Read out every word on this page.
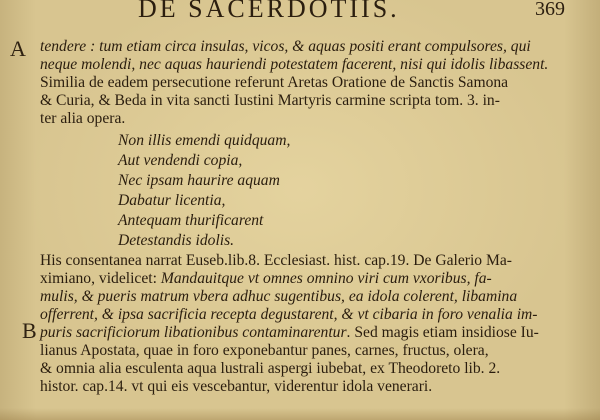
DE SACERDOTIIS.	369
A
B
tendere : tum etiam circa insulas, vicos, & aquas positi erant compulsores, qui
neque molendi, nec aquas hauriendi potestatem facerent, nisi qui idolis libassent.
Similia de eadem persecutione referunt Aretas Oratione de Sanctis Samona
& Curia, & Beda in vita sancti Iustini Martyris carmine scripta tom. 3. in-
ter alia opera.
Non illis emendi quidquam,
Aut vendendi copia,
Nec ipsam haurire aquam
Dabatur licentia,
Antequam thurificarent
Detestandis idolis.
His consentanea narrat Euseb.lib.8. Ecclesiast. hist. cap.19. De Galerio Ma-
ximiano, videlicet: Mandauitque vt omnes omnino viri cum vxoribus, fa-
mulis, & pueris matrum vbera adhuc sugentibus, ea idola colerent, libamina
offerrent, & ipsa sacrificia recepta degustarent, & vt cibaria in foro venalia im-
puris sacrificiorum libationibus contaminarentur. Sed magis etiam insidiose Iu-
lianus Apostata, quae in foro exponebantur panes, carnes, fructus, olera,
& omnia alia esculenta aqua lustrali aspergi iubebat, ex Theodoreto lib. 2.
histor. cap.14. vt qui eis vescebantur, viderentur idola venerari.
